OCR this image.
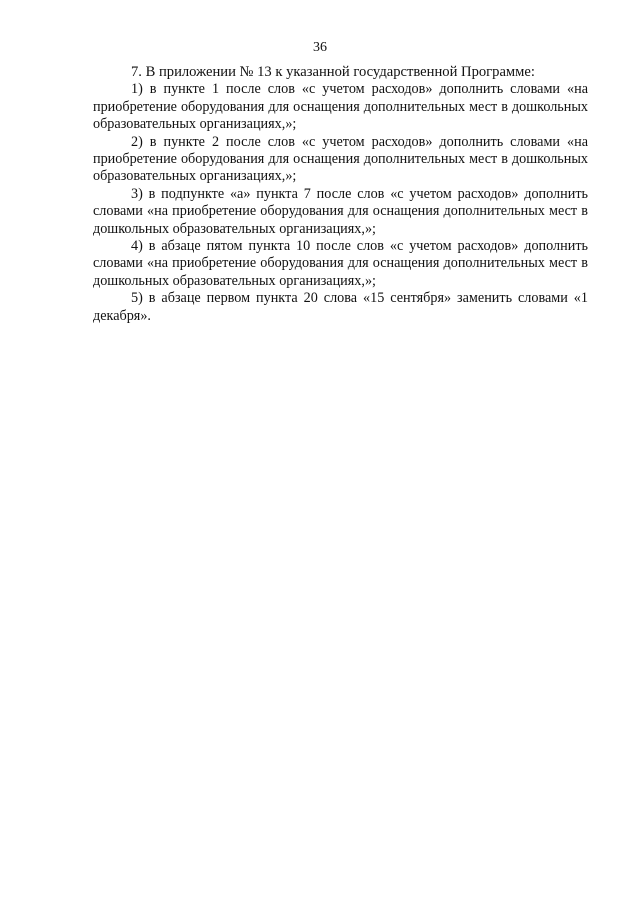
36

7. В приложении № 13 к указанной государственной Программе:

1) в пункте 1 после слов «с учетом расходов» дополнить словами «на приобретение оборудования для оснащения дополнительных мест в дошкольных образовательных организациях,»;

2) в пункте 2 после слов «с учетом расходов» дополнить словами «на приобретение оборудования для оснащения дополнительных мест в дошкольных образовательных организациях,»;

3) в подпункте «а» пункта 7 после слов «с учетом расходов» дополнить словами «на приобретение оборудования для оснащения дополнительных мест в дошкольных образовательных организациях,»;

4) в абзаце пятом пункта 10 после слов «с учетом расходов» дополнить словами «на приобретение оборудования для оснащения дополнительных мест в дошкольных образовательных организациях,»;

5) в абзаце первом пункта 20 слова «15 сентября» заменить словами «1 декабря».
